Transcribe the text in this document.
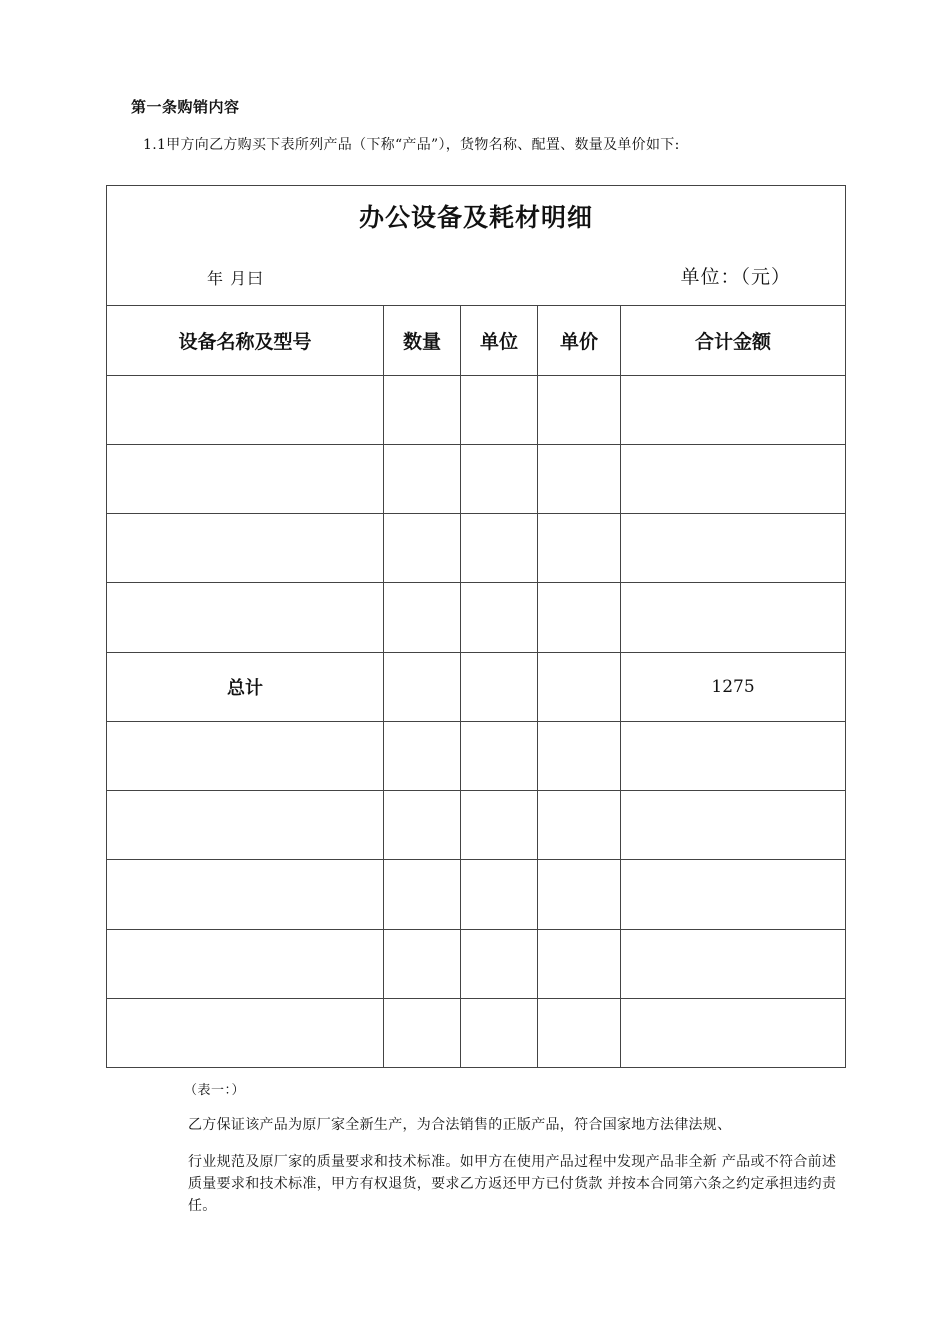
第一条购销内容
1.1甲方向乙方购买下表所列产品（下称“产品”），货物名称、配置、数量及单价如下:
办公设备及耗材明细
年 月曰 单位：（元）				

设备名称及型号	数量	单位	单价	合计金额

总计				1275

（表一：）
乙方保证该产品为原厂家全新生产，为合法销售的正版产品，符合国家地方法律法规、
行业规范及原厂家的质量要求和技术标准。如甲方在使用产品过程中发现产品非全新 产品或不符合前述质量要求和技术标准，甲方有权退货，要求乙方返还甲方已付货款 并按本合同第六条之约定承担违约责任。
